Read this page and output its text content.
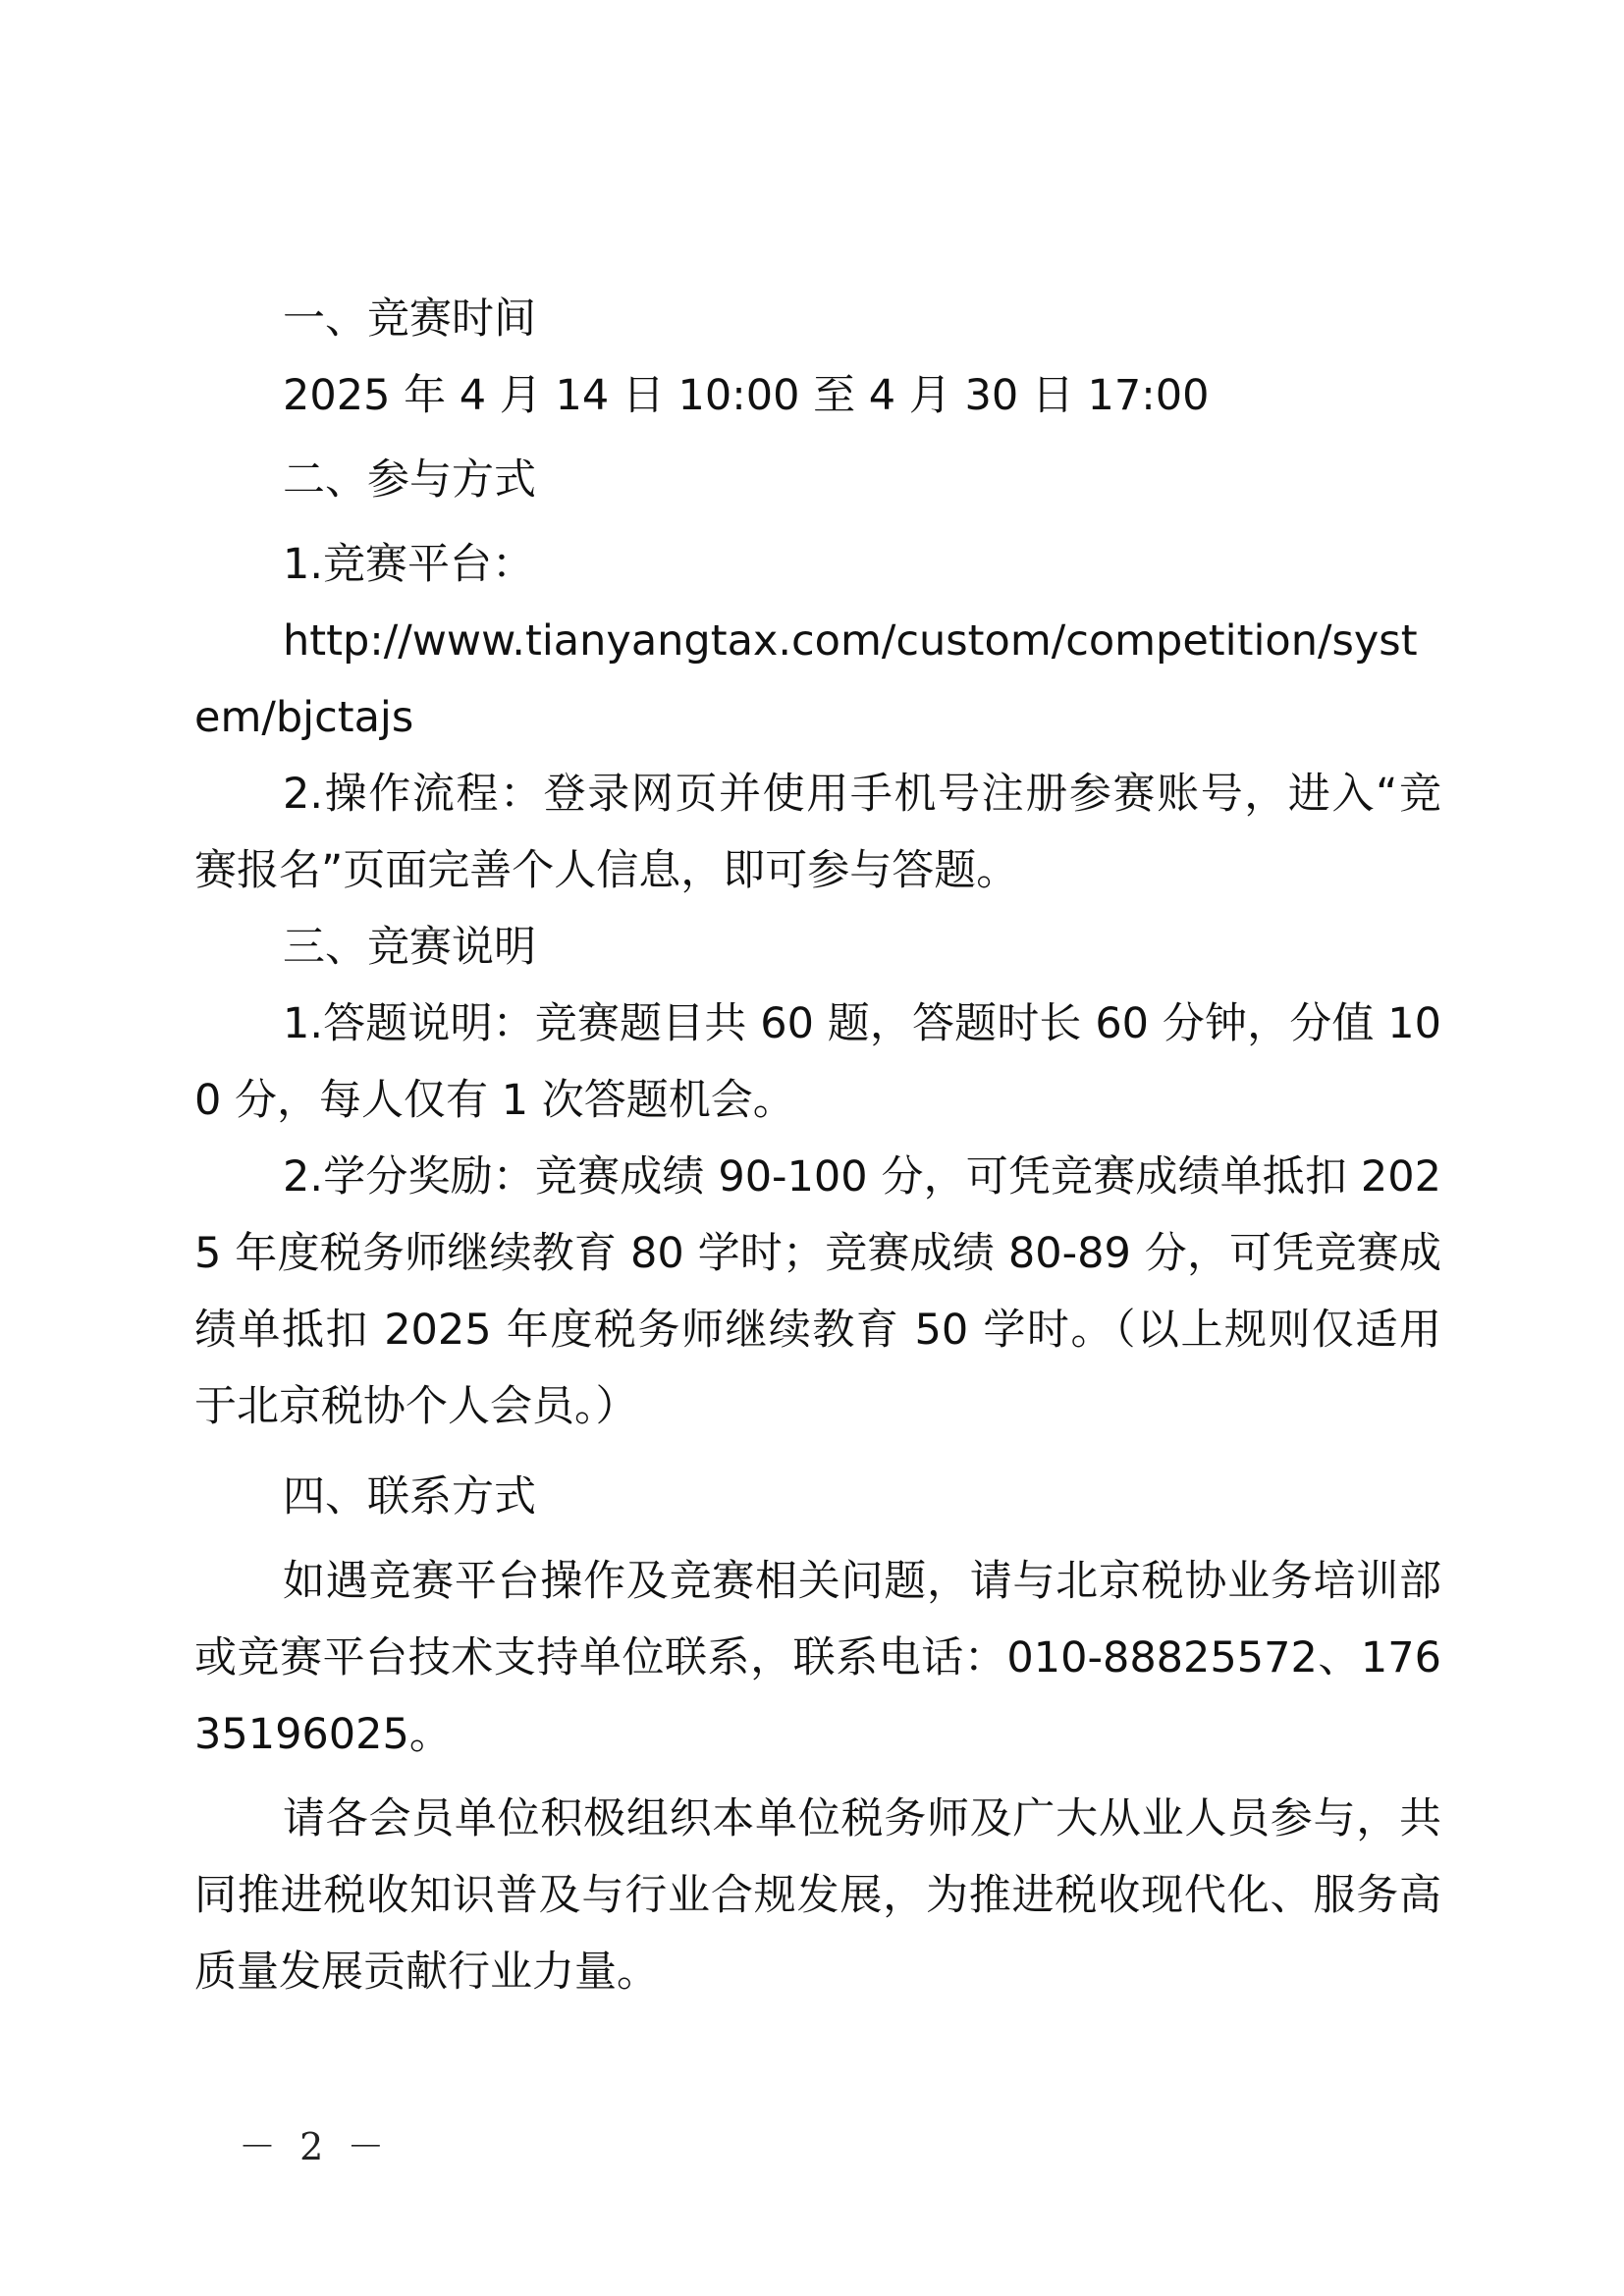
一、竞赛时间

2025 年 4 月 14 日 10:00 至 4 月 30 日 17:00

二、参与方式

1.竞赛平台：

http://www.tianyangtax.com/custom/competition/system/bjctajs

2.操作流程：登录网页并使用手机号注册参赛账号，进入“竞赛报名”页面完善个人信息，即可参与答题。

三、竞赛说明

1.答题说明：竞赛题目共 60 题，答题时长 60 分钟，分值 100 分，每人仅有 1 次答题机会。

2.学分奖励：竞赛成绩 90-100 分，可凭竞赛成绩单抵扣 2025 年度税务师继续教育 80 学时；竞赛成绩 80-89 分，可凭竞赛成绩单抵扣 2025 年度税务师继续教育 50 学时。（以上规则仅适用于北京税协个人会员。）

四、联系方式

如遇竞赛平台操作及竞赛相关问题，请与北京税协业务培训部或竞赛平台技术支持单位联系，联系电话：010-88825572、17635196025。

请各会员单位积极组织本单位税务师及广大从业人员参与，共同推进税收知识普及与行业合规发展，为推进税收现代化、服务高质量发展贡献行业力量。

－ 2 －
